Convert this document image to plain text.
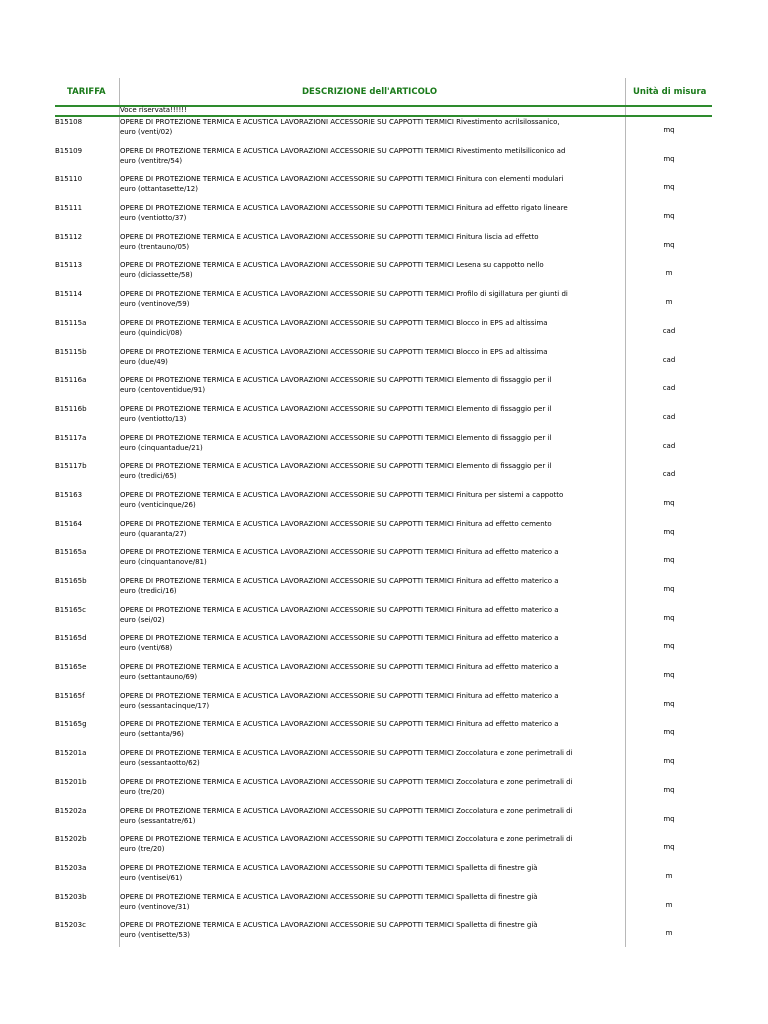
TARIFFA	DESCRIZIONE dell'ARTICOLO	Unità di misura
Voce riservata!!!!!!
B15108	OPERE DI PROTEZIONE TERMICA E ACUSTICA LAVORAZIONI ACCESSORIE SU CAPPOTTI TERMICI Rivestimento acrilsilossanico,
euro (venti/02)	mq
B15109	OPERE DI PROTEZIONE TERMICA E ACUSTICA LAVORAZIONI ACCESSORIE SU CAPPOTTI TERMICI Rivestimento metilsiliconico ad
euro (ventitre/54)	mq
B15110	OPERE DI PROTEZIONE TERMICA E ACUSTICA LAVORAZIONI ACCESSORIE SU CAPPOTTI TERMICI Finitura con elementi modulari
euro (ottantasette/12)	mq
B15111	OPERE DI PROTEZIONE TERMICA E ACUSTICA LAVORAZIONI ACCESSORIE SU CAPPOTTI TERMICI Finitura ad effetto rigato lineare
euro (ventiotto/37)	mq
B15112	OPERE DI PROTEZIONE TERMICA E ACUSTICA LAVORAZIONI ACCESSORIE SU CAPPOTTI TERMICI Finitura liscia ad effetto
euro (trentauno/05)	mq
B15113	OPERE DI PROTEZIONE TERMICA E ACUSTICA LAVORAZIONI ACCESSORIE SU CAPPOTTI TERMICI Lesena su cappotto nello
euro (diciassette/58)	m
B15114	OPERE DI PROTEZIONE TERMICA E ACUSTICA LAVORAZIONI ACCESSORIE SU CAPPOTTI TERMICI Profilo di sigillatura per giunti di
euro (ventinove/59)	m
B15115a	OPERE DI PROTEZIONE TERMICA E ACUSTICA LAVORAZIONI ACCESSORIE SU CAPPOTTI TERMICI Blocco in EPS ad altissima
euro (quindici/08)	cad
B15115b	OPERE DI PROTEZIONE TERMICA E ACUSTICA LAVORAZIONI ACCESSORIE SU CAPPOTTI TERMICI Blocco in EPS ad altissima
euro (due/49)	cad
B15116a	OPERE DI PROTEZIONE TERMICA E ACUSTICA LAVORAZIONI ACCESSORIE SU CAPPOTTI TERMICI Elemento di fissaggio per il
euro (centoventidue/91)	cad
B15116b	OPERE DI PROTEZIONE TERMICA E ACUSTICA LAVORAZIONI ACCESSORIE SU CAPPOTTI TERMICI Elemento di fissaggio per il
euro (ventiotto/13)	cad
B15117a	OPERE DI PROTEZIONE TERMICA E ACUSTICA LAVORAZIONI ACCESSORIE SU CAPPOTTI TERMICI Elemento di fissaggio per il
euro (cinquantadue/21)	cad
B15117b	OPERE DI PROTEZIONE TERMICA E ACUSTICA LAVORAZIONI ACCESSORIE SU CAPPOTTI TERMICI Elemento di fissaggio per il
euro (tredici/65)	cad
B15163	OPERE DI PROTEZIONE TERMICA E ACUSTICA LAVORAZIONI ACCESSORIE SU CAPPOTTI TERMICI Finitura per sistemi a cappotto
euro (venticinque/26)	mq
B15164	OPERE DI PROTEZIONE TERMICA E ACUSTICA LAVORAZIONI ACCESSORIE SU CAPPOTTI TERMICI Finitura ad effetto cemento
euro (quaranta/27)	mq
B15165a	OPERE DI PROTEZIONE TERMICA E ACUSTICA LAVORAZIONI ACCESSORIE SU CAPPOTTI TERMICI Finitura ad effetto materico a
euro (cinquantanove/81)	mq
B15165b	OPERE DI PROTEZIONE TERMICA E ACUSTICA LAVORAZIONI ACCESSORIE SU CAPPOTTI TERMICI Finitura ad effetto materico a
euro (tredici/16)	mq
B15165c	OPERE DI PROTEZIONE TERMICA E ACUSTICA LAVORAZIONI ACCESSORIE SU CAPPOTTI TERMICI Finitura ad effetto materico a
euro (sei/02)	mq
B15165d	OPERE DI PROTEZIONE TERMICA E ACUSTICA LAVORAZIONI ACCESSORIE SU CAPPOTTI TERMICI Finitura ad effetto materico a
euro (venti/68)	mq
B15165e	OPERE DI PROTEZIONE TERMICA E ACUSTICA LAVORAZIONI ACCESSORIE SU CAPPOTTI TERMICI Finitura ad effetto materico a
euro (settantauno/69)	mq
B15165f	OPERE DI PROTEZIONE TERMICA E ACUSTICA LAVORAZIONI ACCESSORIE SU CAPPOTTI TERMICI Finitura ad effetto materico a
euro (sessantacinque/17)	mq
B15165g	OPERE DI PROTEZIONE TERMICA E ACUSTICA LAVORAZIONI ACCESSORIE SU CAPPOTTI TERMICI Finitura ad effetto materico a
euro (settanta/96)	mq
B15201a	OPERE DI PROTEZIONE TERMICA E ACUSTICA LAVORAZIONI ACCESSORIE SU CAPPOTTI TERMICI Zoccolatura e zone perimetrali di
euro (sessantaotto/62)	mq
B15201b	OPERE DI PROTEZIONE TERMICA E ACUSTICA LAVORAZIONI ACCESSORIE SU CAPPOTTI TERMICI Zoccolatura e zone perimetrali di
euro (tre/20)	mq
B15202a	OPERE DI PROTEZIONE TERMICA E ACUSTICA LAVORAZIONI ACCESSORIE SU CAPPOTTI TERMICI Zoccolatura e zone perimetrali di
euro (sessantatre/61)	mq
B15202b	OPERE DI PROTEZIONE TERMICA E ACUSTICA LAVORAZIONI ACCESSORIE SU CAPPOTTI TERMICI Zoccolatura e zone perimetrali di
euro (tre/20)	mq
B15203a	OPERE DI PROTEZIONE TERMICA E ACUSTICA LAVORAZIONI ACCESSORIE SU CAPPOTTI TERMICI Spalletta di finestre già
euro (ventisei/61)	m
B15203b	OPERE DI PROTEZIONE TERMICA E ACUSTICA LAVORAZIONI ACCESSORIE SU CAPPOTTI TERMICI Spalletta di finestre già
euro (ventinove/31)	m
B15203c	OPERE DI PROTEZIONE TERMICA E ACUSTICA LAVORAZIONI ACCESSORIE SU CAPPOTTI TERMICI Spalletta di finestre già
euro (ventisette/53)	m
